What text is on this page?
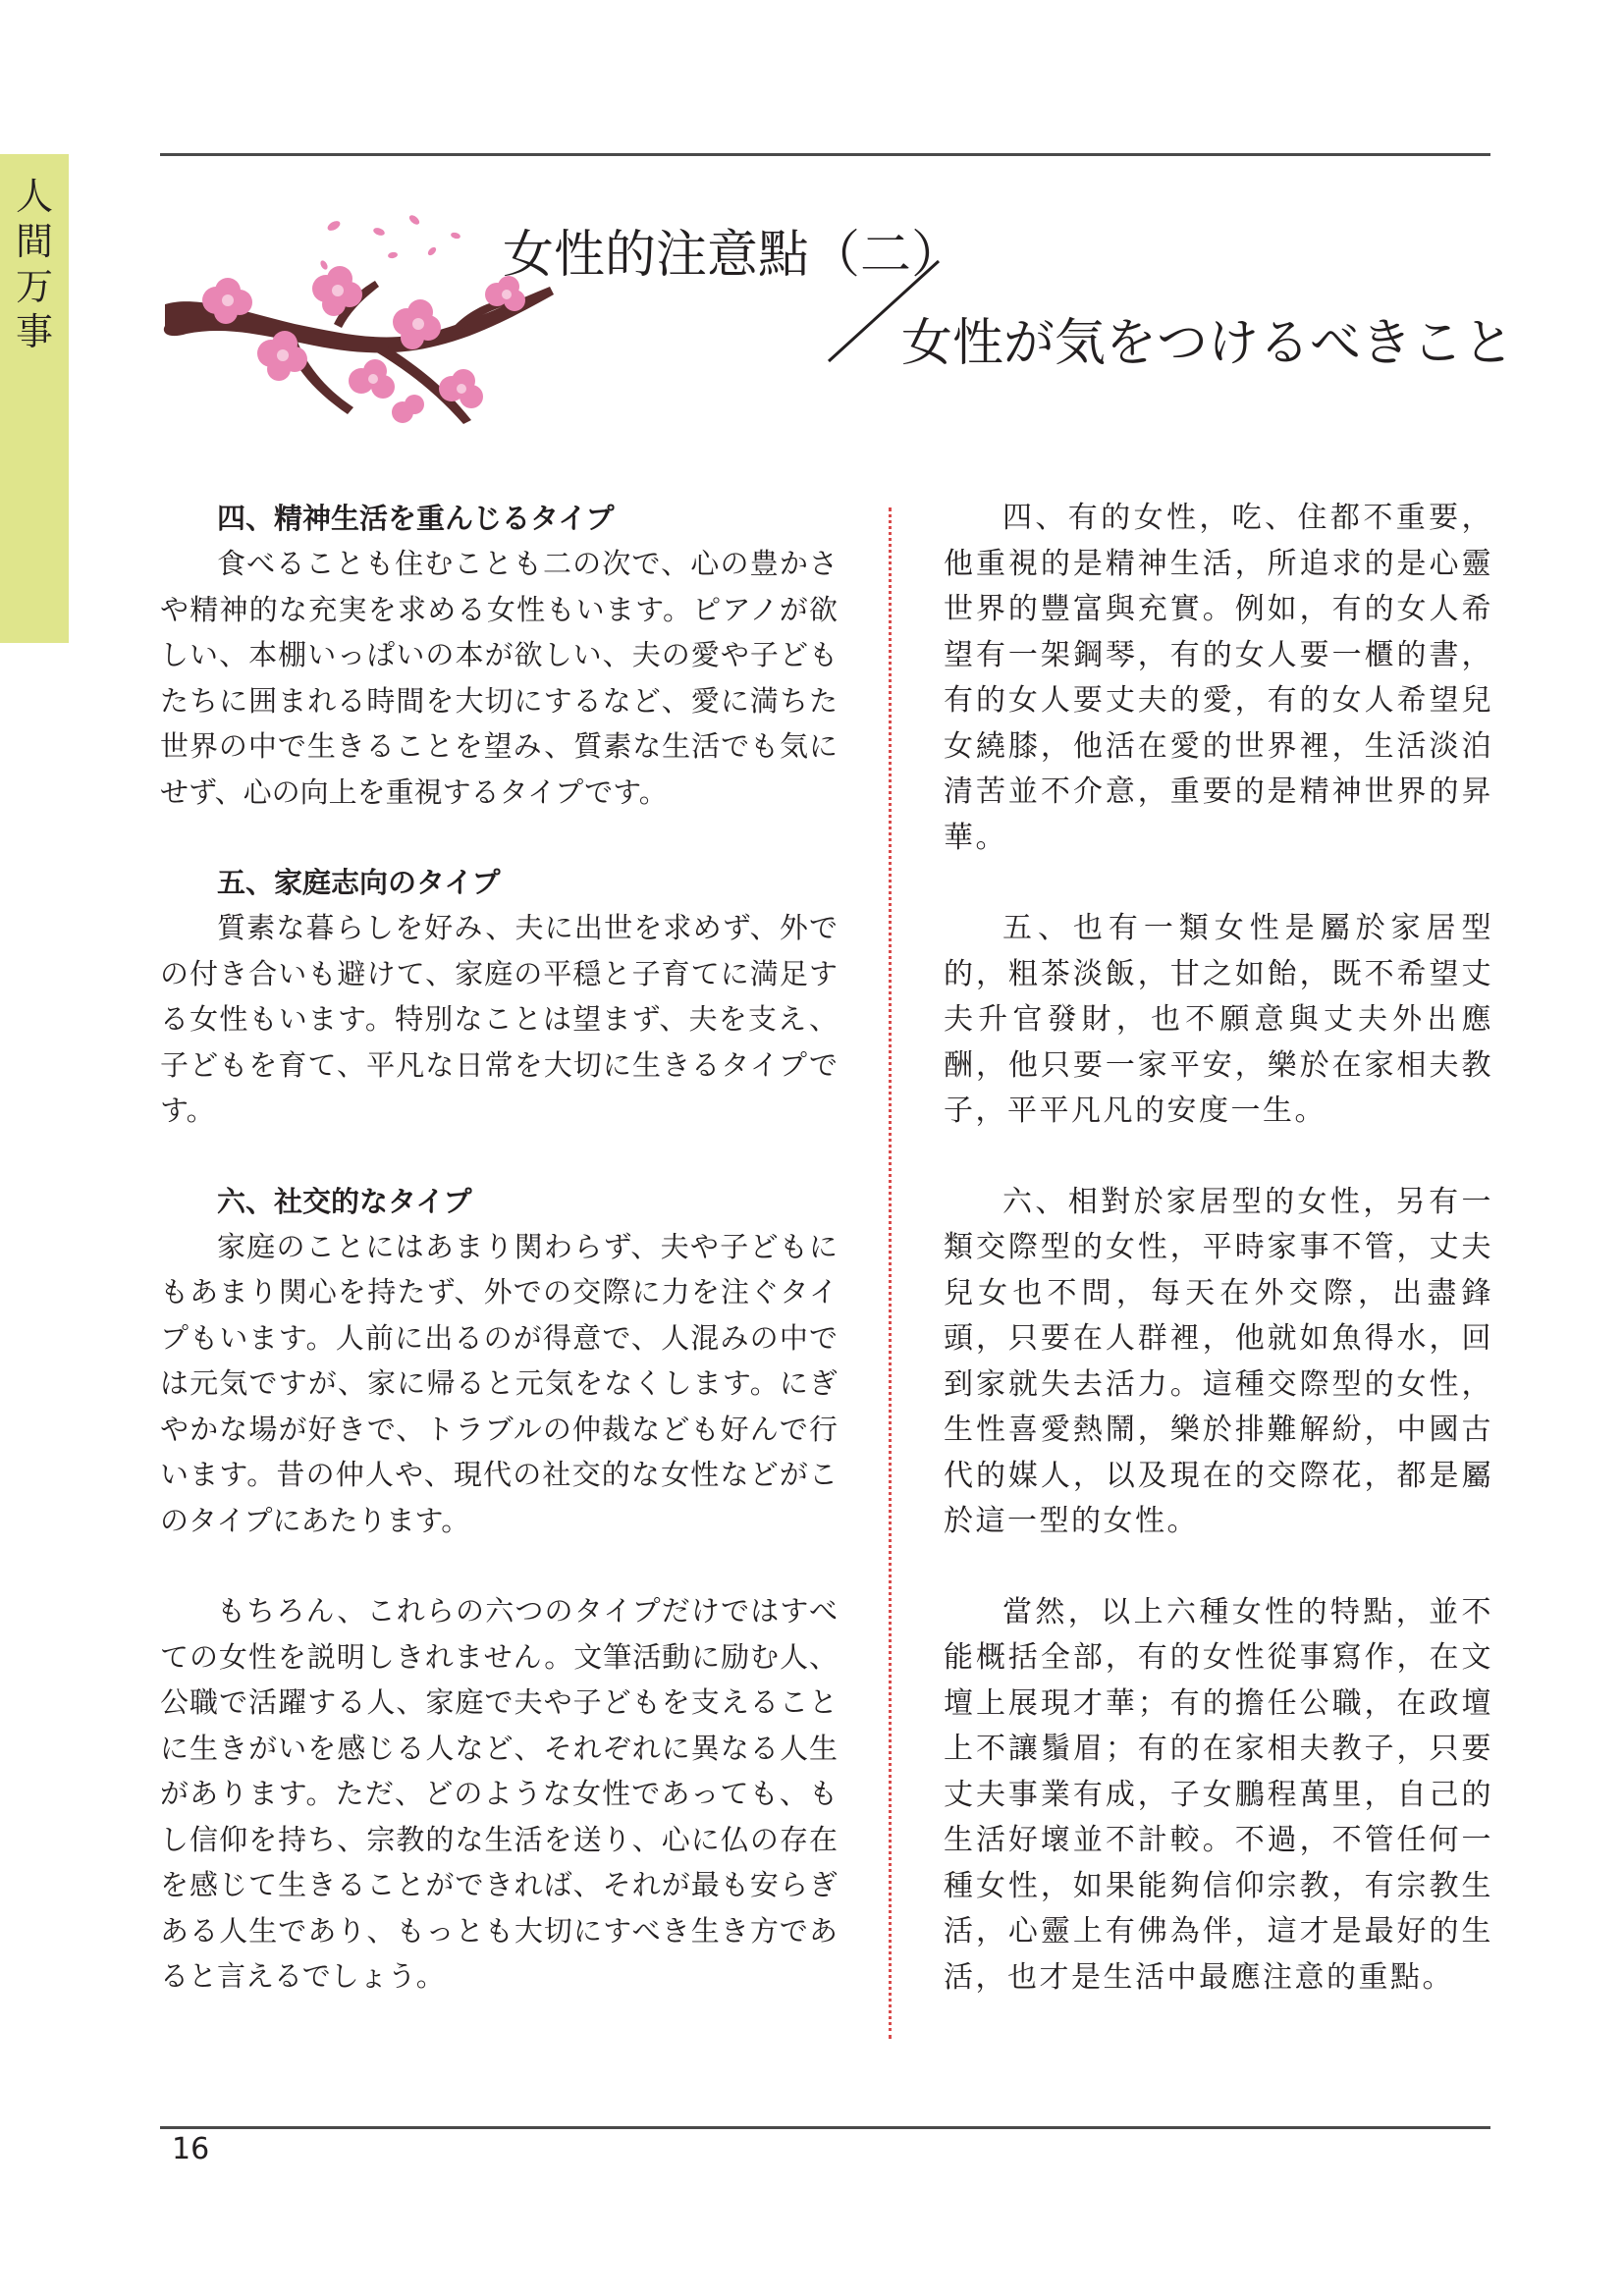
人
間
万
事
女性的注意點（二）
女性が気をつけるべきこと
四、精神生活を重んじるタイプ

食べることも住むことも二の次で、心の豊かさや精神的な充実を求める女性もいます。ピアノが欲しい、本棚いっぱいの本が欲しい、夫の愛や子どもたちに囲まれる時間を大切にするなど、愛に満ちた世界の中で生きることを望み、質素な生活でも気にせず、心の向上を重視するタイプです。

五、家庭志向のタイプ

質素な暮らしを好み、夫に出世を求めず、外での付き合いも避けて、家庭の平穏と子育てに満足する女性もいます。特別なことは望まず、夫を支え、子どもを育て、平凡な日常を大切に生きるタイプです。

六、社交的なタイプ

家庭のことにはあまり関わらず、夫や子どもにもあまり関心を持たず、外での交際に力を注ぐタイプもいます。人前に出るのが得意で、人混みの中では元気ですが、家に帰ると元気をなくします。にぎやかな場が好きで、トラブルの仲裁なども好んで行います。昔の仲人や、現代の社交的な女性などがこのタイプにあたります。

もちろん、これらの六つのタイプだけではすべての女性を説明しきれません。文筆活動に励む人、公職で活躍する人、家庭で夫や子どもを支えることに生きがいを感じる人など、それぞれに異なる人生があります。ただ、どのような女性であっても、もし信仰を持ち、宗教的な生活を送り、心に仏の存在を感じて生きることができれば、それが最も安らぎある人生であり、もっとも大切にすべき生き方であると言えるでしょう。

四、有的女性，吃、住都不重要，他重視的是精神生活，所追求的是心靈世界的豐富與充實。例如，有的女人希望有一架鋼琴，有的女人要一櫃的書，有的女人要丈夫的愛，有的女人希望兒女繞膝，他活在愛的世界裡，生活淡泊清苦並不介意，重要的是精神世界的昇華。

五、也有一類女性是屬於家居型的，粗茶淡飯，甘之如飴，既不希望丈夫升官發財，也不願意與丈夫外出應酬，他只要一家平安，樂於在家相夫教子，平平凡凡的安度一生。

六、相對於家居型的女性，另有一類交際型的女性，平時家事不管，丈夫兒女也不問，每天在外交際，出盡鋒頭，只要在人群裡，他就如魚得水，回到家就失去活力。這種交際型的女性，生性喜愛熱鬧，樂於排難解紛，中國古代的媒人，以及現在的交際花，都是屬於這一型的女性。

當然，以上六種女性的特點，並不能概括全部，有的女性從事寫作，在文壇上展現才華；有的擔任公職，在政壇上不讓鬚眉；有的在家相夫教子，只要丈夫事業有成，子女鵬程萬里，自己的生活好壞並不計較。不過，不管任何一種女性，如果能夠信仰宗教，有宗教生活，心靈上有佛為伴，這才是最好的生活，也才是生活中最應注意的重點。

16
